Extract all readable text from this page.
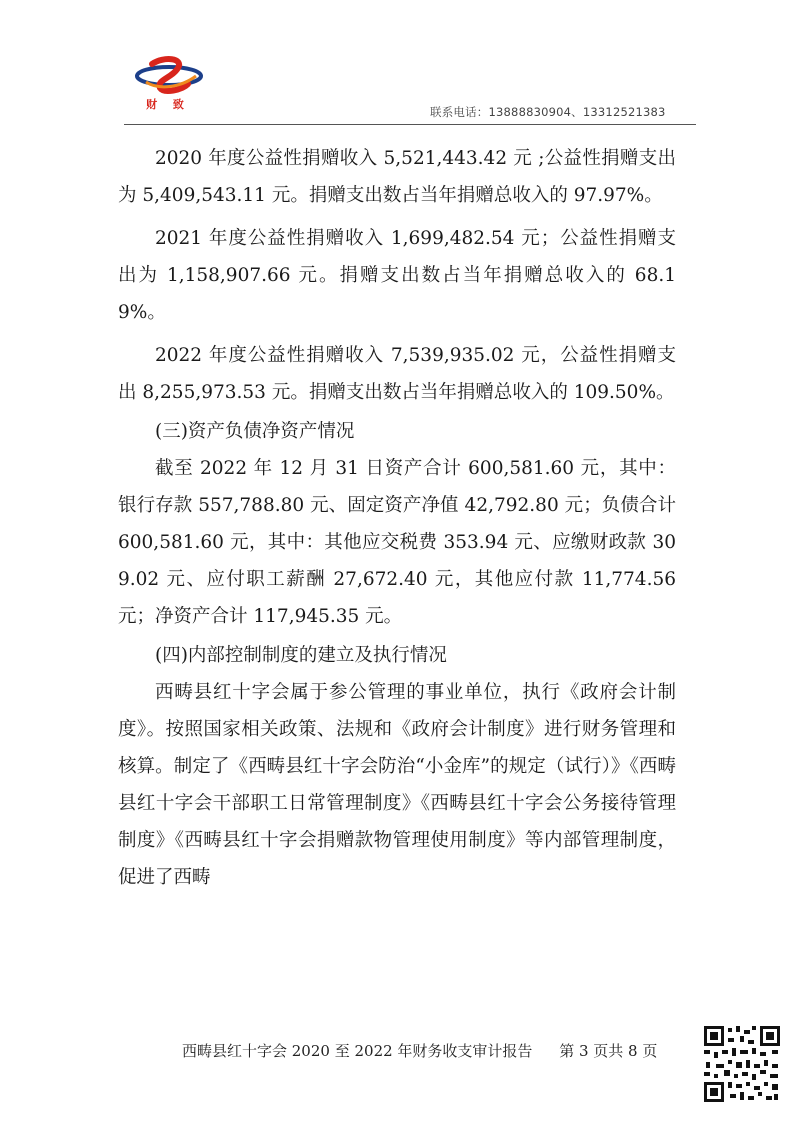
财 致
联系电话：13888830904、13312521383

2020 年度公益性捐赠收入 5,521,443.42 元 ;公益性捐赠支出为 5,409,543.11 元。捐赠支出数占当年捐赠总收入的 97.97%。

2021 年度公益性捐赠收入 1,699,482.54 元；公益性捐赠支出为 1,158,907.66 元。捐赠支出数占当年捐赠总收入的 68.19%。

2022 年度公益性捐赠收入 7,539,935.02 元，公益性捐赠支出 8,255,973.53 元。捐赠支出数占当年捐赠总收入的 109.50%。

(三)资产负债净资产情况

截至 2022 年 12 月 31 日资产合计 600,581.60 元，其中：银行存款 557,788.80 元、固定资产净值 42,792.80 元；负债合计 600,581.60 元，其中：其他应交税费 353.94 元、应缴财政款 309.02 元、应付职工薪酬 27,672.40 元，其他应付款 11,774.56 元；净资产合计 117,945.35 元。

(四)内部控制制度的建立及执行情况

西畴县红十字会属于参公管理的事业单位，执行《政府会计制度》。按照国家相关政策、法规和《政府会计制度》进行财务管理和核算。制定了《西畴县红十字会防治“小金库”的规定（试行）》《西畴县红十字会干部职工日常管理制度》《西畴县红十字会公务接待管理制度》《西畴县红十字会捐赠款物管理使用制度》等内部管理制度，促进了西畴

西畴县红十字会 2020 至 2022 年财务收支审计报告 第 3 页共 8 页
